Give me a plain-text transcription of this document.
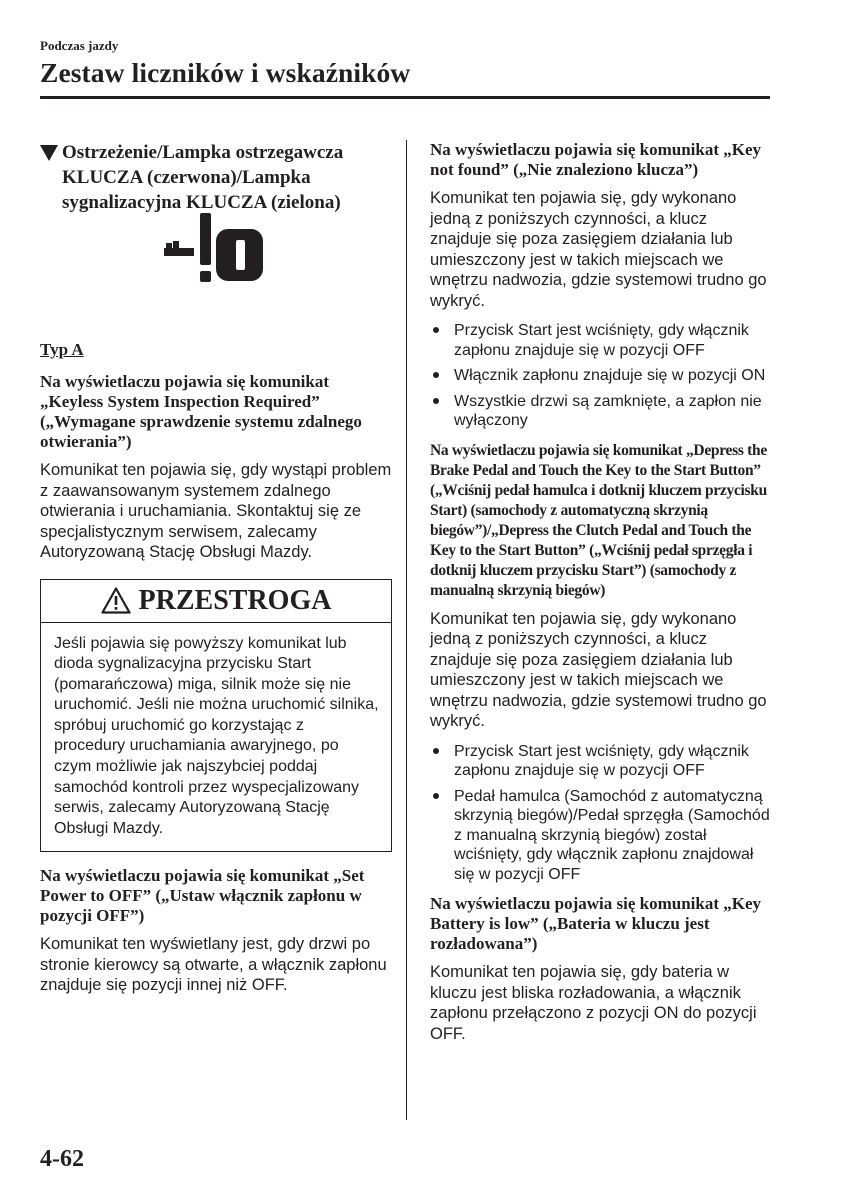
Podczas jazdy
Zestaw liczników i wskaźników
Ostrzeżenie/Lampka ostrzegawcza KLUCZA (czerwona)/Lampka sygnalizacyjna KLUCZA (zielona)
Typ A
Na wyświetlaczu pojawia się komunikat „Keyless System Inspection Required” („Wymagane sprawdzenie systemu zdalnego otwierania”)

Komunikat ten pojawia się, gdy wystąpi problem z zaawansowanym systemem zdalnego otwierania i uruchamiania. Skontaktuj się ze specjalistycznym serwisem, zalecamy Autoryzowaną Stację Obsługi Mazdy.

PRZESTROGA
Jeśli pojawia się powyższy komunikat lub dioda sygnalizacyjna przycisku Start (pomarańczowa) miga, silnik może się nie uruchomić. Jeśli nie można uruchomić silnika, spróbuj uruchomić go korzystając z procedury uruchamiania awaryjnego, po czym możliwie jak najszybciej poddaj samochód kontroli przez wyspecjalizowany serwis, zalecamy Autoryzowaną Stację Obsługi Mazdy.
Na wyświetlaczu pojawia się komunikat „Set Power to OFF” („Ustaw włącznik zapłonu w pozycji OFF”)

Komunikat ten wyświetlany jest, gdy drzwi po stronie kierowcy są otwarte, a włącznik zapłonu znajduje się pozycji innej niż OFF.

Na wyświetlaczu pojawia się komunikat „Key not found” („Nie znaleziono klucza”)

Komunikat ten pojawia się, gdy wykonano jedną z poniższych czynności, a klucz znajduje się poza zasięgiem działania lub umieszczony jest w takich miejscach we wnętrzu nadwozia, gdzie systemowi trudno go wykryć.

Przycisk Start jest wciśnięty, gdy włącznik zapłonu znajduje się w pozycji OFF
Włącznik zapłonu znajduje się w pozycji ON
Wszystkie drzwi są zamknięte, a zapłon nie wyłączony
Na wyświetlaczu pojawia się komunikat „Depress the Brake Pedal and Touch the Key to the Start Button” („Wciśnij pedał hamulca i dotknij kluczem przycisku Start) (samochody z automatyczną skrzynią biegów”)/„Depress the Clutch Pedal and Touch the Key to the Start Button” („Wciśnij pedał sprzęgła i dotknij kluczem przycisku Start”) (samochody z manualną skrzynią biegów)

Komunikat ten pojawia się, gdy wykonano jedną z poniższych czynności, a klucz znajduje się poza zasięgiem działania lub umieszczony jest w takich miejscach we wnętrzu nadwozia, gdzie systemowi trudno go wykryć.

Przycisk Start jest wciśnięty, gdy włącznik zapłonu znajduje się w pozycji OFF
Pedał hamulca (Samochód z automatyczną skrzynią biegów)/Pedał sprzęgła (Samochód z manualną skrzynią biegów) został wciśnięty, gdy włącznik zapłonu znajdował się w pozycji OFF
Na wyświetlaczu pojawia się komunikat „Key Battery is low” („Bateria w kluczu jest rozładowana”)

Komunikat ten pojawia się, gdy bateria w kluczu jest bliska rozładowania, a włącznik zapłonu przełączono z pozycji ON do pozycji OFF.

4-62
